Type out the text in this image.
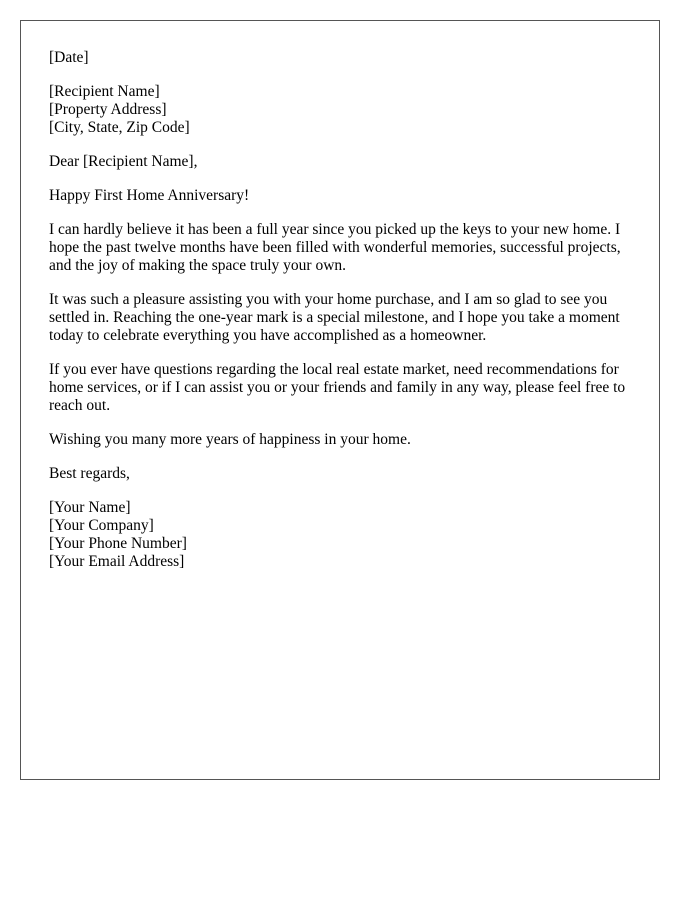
[Date]
[Recipient Name]
[Property Address]
[City, State, Zip Code]

Dear [Recipient Name],

Happy First Home Anniversary!

I can hardly believe it has been a full year since you picked up the keys to your new home. I hope the past twelve months have been filled with wonderful memories, successful projects, and the joy of making the space truly your own.

It was such a pleasure assisting you with your home purchase, and I am so glad to see you settled in. Reaching the one-year mark is a special milestone, and I hope you take a moment today to celebrate everything you have accomplished as a homeowner.

If you ever have questions regarding the local real estate market, need recommendations for home services, or if I can assist you or your friends and family in any way, please feel free to reach out.

Wishing you many more years of happiness in your home.

Best regards,

[Your Name]
[Your Company]
[Your Phone Number]
[Your Email Address]
